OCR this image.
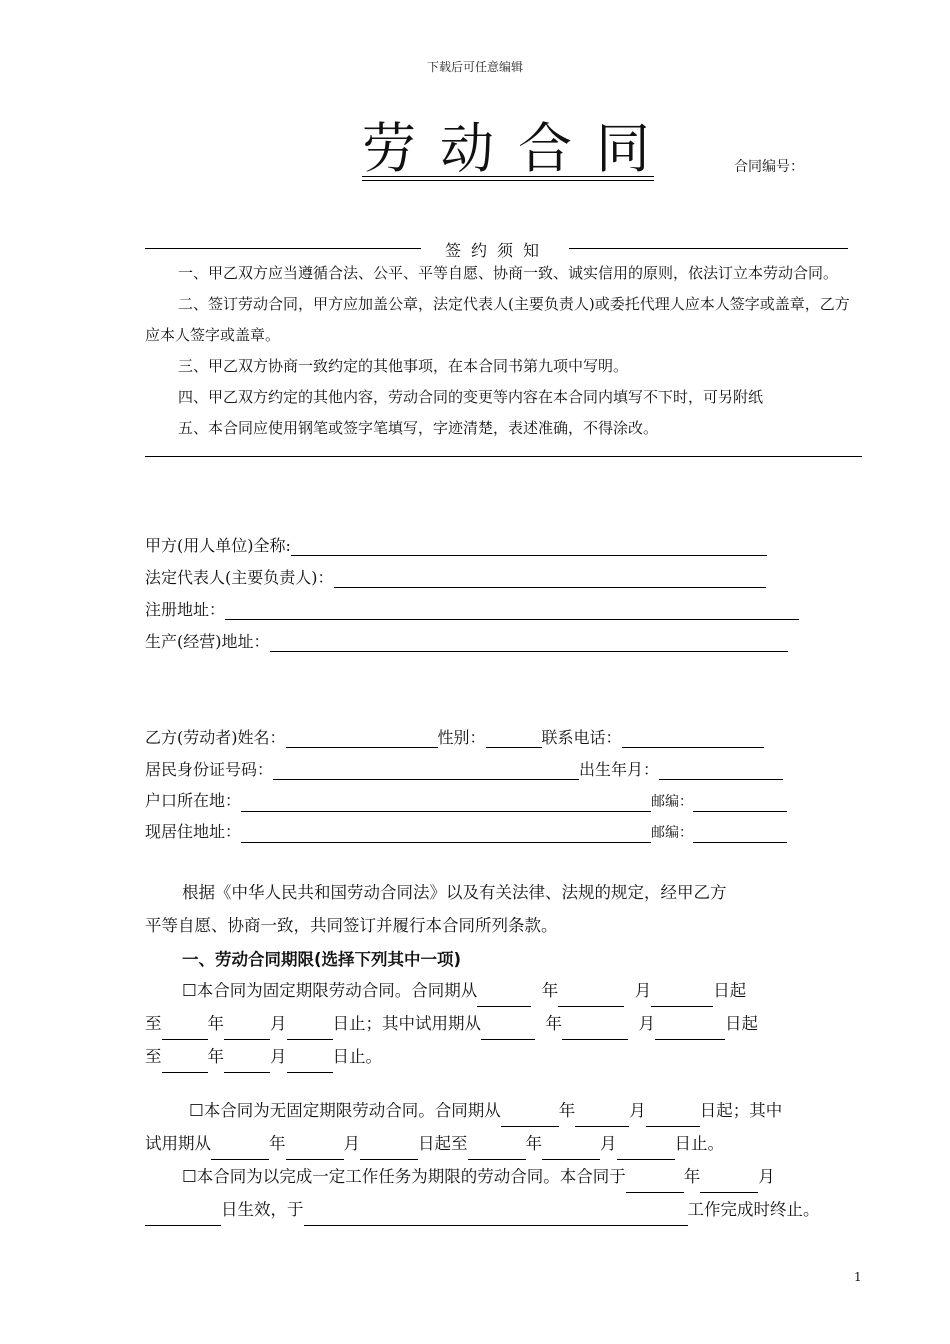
下载后可任意编辑
劳动合同	合同编号：
签约须知

一、甲乙双方应当遵循合法、公平、平等自愿、协商一致、诚实信用的原则，依法订立本劳动合同。

二、签订劳动合同，甲方应加盖公章，法定代表人(主要负责人)或委托代理人应本人签字或盖章，乙方应本人签字或盖章。

三、甲乙双方协商一致约定的其他事项，在本合同书第九项中写明。

四、甲乙双方约定的其他内容，劳动合同的变更等内容在本合同内填写不下时，可另附纸

五、本合同应使用钢笔或签字笔填写，字迹清楚，表述准确，不得涂改。

甲方(用人单位)全称:
法定代表人(主要负责人)：
注册地址：
生产(经营)地址：
乙方(劳动者)姓名：	性别：	联系电话：
居民身份证号码：	出生年月：
户口所在地：	邮编：
现居住地址：	邮编：
根据《中华人民共和国劳动合同法》以及有关法律、法规的规定，经甲乙方
平等自愿、协商一致，共同签订并履行本合同所列条款。
一、劳动合同期限(选择下列其中一项)
☐本合同为固定期限劳动合同。合同期从	年	月	日起
至	年	月	日止；其中试用期从	年	月	日起
至	年	月	日止。
☐本合同为无固定期限劳动合同。合同期从	年	月	日起；其中
试用期从	年	月	日起至	年	月	日止。
☐本合同为以完成一定工作任务为期限的劳动合同。本合同于	年	月
日生效，于	工作完成时终止。
1
